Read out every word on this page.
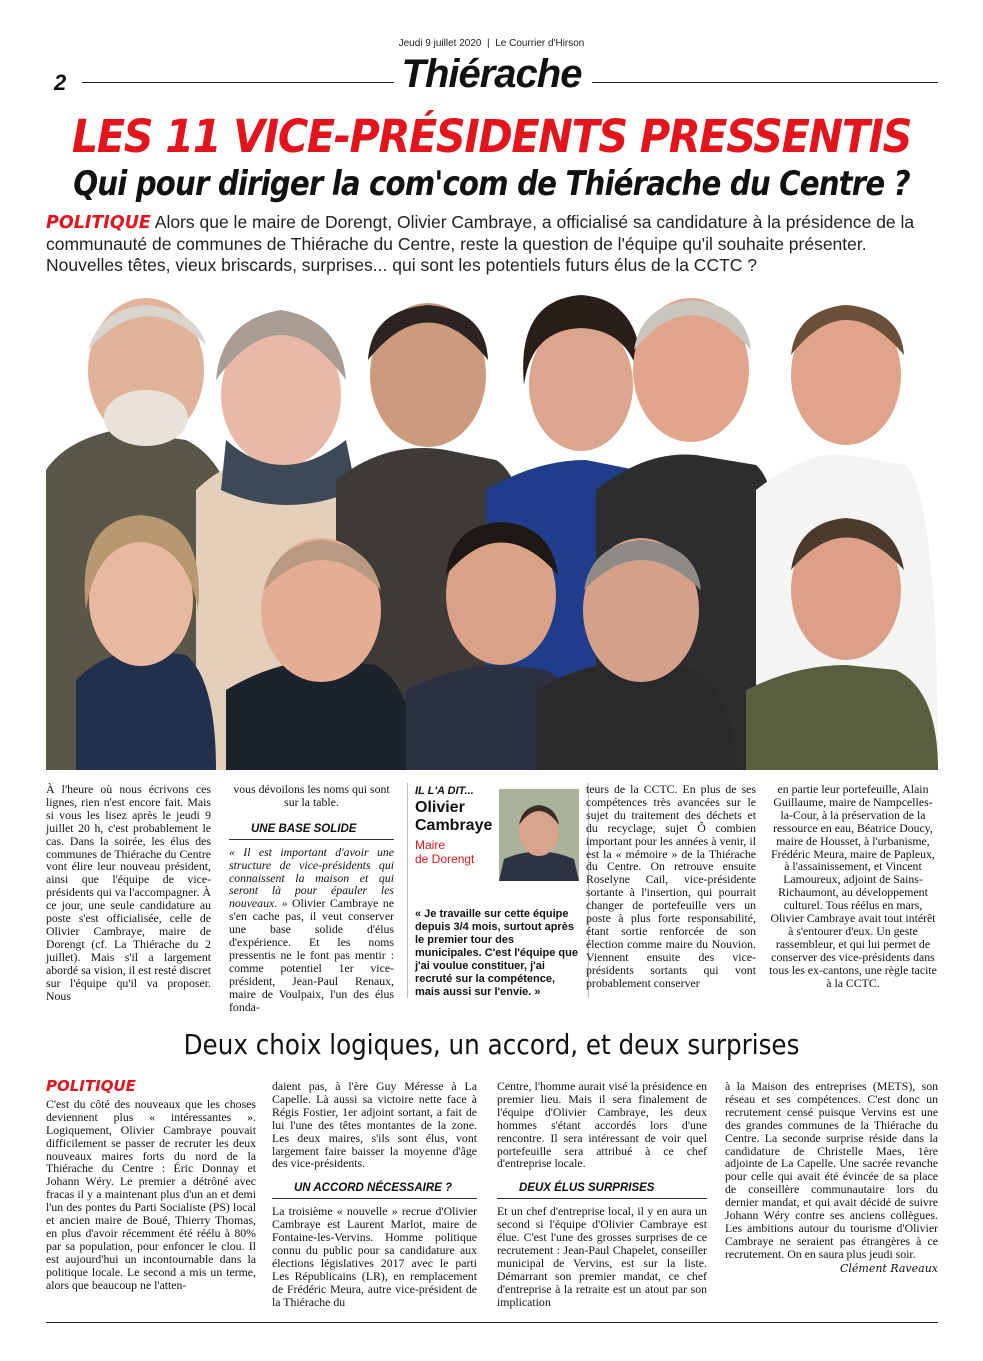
Jeudi 9 juillet 2020 | Le Courrier d'Hirson
2	Thiérache
LES 11 VICE-PRÉSIDENTS PRESSENTIS
Qui pour diriger la com'com de Thiérache du Centre ?
POLITIQUE Alors que le maire de Dorengt, Olivier Cambraye, a officialisé sa candidature à la présidence de la communauté de communes de Thiérache du Centre, reste la question de l'équipe qu'il souhaite présenter. Nouvelles têtes, vieux briscards, surprises... qui sont les potentiels futurs élus de la CCTC ?

À l'heure où nous écrivons ces lignes, rien n'est encore fait. Mais si vous les lisez après le jeudi 9 juillet 20 h, c'est probablement le cas. Dans la soirée, les élus des communes de Thiérache du Centre vont élire leur nouveau président, ainsi que l'équipe de vice-présidents qui va l'accompagner. À ce jour, une seule candidature au poste s'est officialisée, celle de Olivier Cambraye, maire de Dorengt (cf. La Thiérache du 2 juillet). Mais s'il a largement abordé sa vision, il est resté discret sur l'équipe qu'il va proposer. Nous

vous dévoilons les noms qui sont sur la table.

UNE BASE SOLIDE

« Il est important d'avoir une structure de vice-présidents qui connaissent la maison et qui seront là pour épauler les nouveaux. » Olivier Cambraye ne s'en cache pas, il veut conserver une base solide d'élus d'expérience. Et les noms pressentis ne le font pas mentir : comme potentiel 1er vice-président, Jean-Paul Renaux, maire de Voulpaix, l'un des élus fonda-

IL L'A DIT...
Olivier
Cambraye
Maire
de Dorengt
« Je travaille sur cette équipe depuis 3/4 mois, surtout après le premier tour des municipales. C'est l'équipe que j'ai voulue constituer, j'ai recruté sur la compétence, mais aussi sur l'envie. »

teurs de la CCTC. En plus de ses compétences très avancées sur le sujet du traitement des déchets et du recyclage, sujet Ô combien important pour les années à venir, il est la « mémoire » de la Thiérache du Centre. On retrouve ensuite Roselyne Cail, vice-présidente sortante à l'insertion, qui pourrait changer de portefeuille vers un poste à plus forte responsabilité, étant sortie renforcée de son élection comme maire du Nouvion. Viennent ensuite des vice-présidents sortants qui vont probablement conserver

en partie leur portefeuille, Alain Guillaume, maire de Nampcelles-la-Cour, à la préservation de la ressource en eau, Béatrice Doucy, maire de Housset, à l'urbanisme, Frédéric Meura, maire de Papleux, à l'assainissement, et Vincent Lamoureux, adjoint de Sains-Richaumont, au développement culturel. Tous réélus en mars, Olivier Cambraye avait tout intérêt à s'entourer d'eux. Un geste rassembleur, et qui lui permet de conserver des vice-présidents dans tous les ex-cantons, une règle tacite à la CCTC.

Deux choix logiques, un accord, et deux surprises
POLITIQUE

C'est du côté des nouveaux que les choses deviennent plus « intéressantes ». Logiquement, Olivier Cambraye pouvait difficilement se passer de recruter les deux nouveaux maires forts du nord de la Thiérache du Centre : Éric Donnay et Johann Wéry. Le premier a détrôné avec fracas il y a maintenant plus d'un an et demi l'un des pontes du Parti Socialiste (PS) local et ancien maire de Boué, Thierry Thomas, en plus d'avoir récemment été réélu à 80% par sa population, pour enfoncer le clou. Il est aujourd'hui un incontournable dans la politique locale. Le second a mis un terme, alors que beaucoup ne l'atten-

daient pas, à l'ère Guy Méresse à La Capelle. Là aussi sa victoire nette face à Régis Fostier, 1er adjoint sortant, a fait de lui l'une des têtes montantes de la zone. Les deux maires, s'ils sont élus, vont largement faire baisser la moyenne d'âge des vice-présidents.

UN ACCORD NÉCESSAIRE ?

La troisième « nouvelle » recrue d'Olivier Cambraye est Laurent Marlot, maire de Fontaine-les-Vervins. Homme politique connu du public pour sa candidature aux élections législatives 2017 avec le parti Les Républicains (LR), en remplacement de Frédéric Meura, autre vice-président de la Thiérache du

Centre, l'homme aurait visé la présidence en premier lieu. Mais il sera finalement de l'équipe d'Olivier Cambraye, les deux hommes s'étant accordés lors d'une rencontre. Il sera intéressant de voir quel portefeuille sera attribué à ce chef d'entreprise locale.

DEUX ÉLUS SURPRISES

Et un chef d'entreprise local, il y en aura un second si l'équipe d'Olivier Cambraye est élue. C'est l'une des grosses surprises de ce recrutement : Jean-Paul Chapelet, conseiller municipal de Vervins, est sur la liste. Démarrant son premier mandat, ce chef d'entreprise à la retraite est un atout par son implication

à la Maison des entreprises (METS), son réseau et ses compétences. C'est donc un recrutement censé puisque Vervins est une des grandes communes de la Thiérache du Centre. La seconde surprise réside dans la candidature de Christelle Maes, 1ère adjointe de La Capelle. Une sacrée revanche pour celle qui avait été évincée de sa place de conseillère communautaire lors du dernier mandat, et qui avait décidé de suivre Johann Wéry contre ses anciens collègues. Les ambitions autour du tourisme d'Olivier Cambraye ne seraient pas étrangères à ce recrutement. On en saura plus jeudi soir.

Clément Raveaux
